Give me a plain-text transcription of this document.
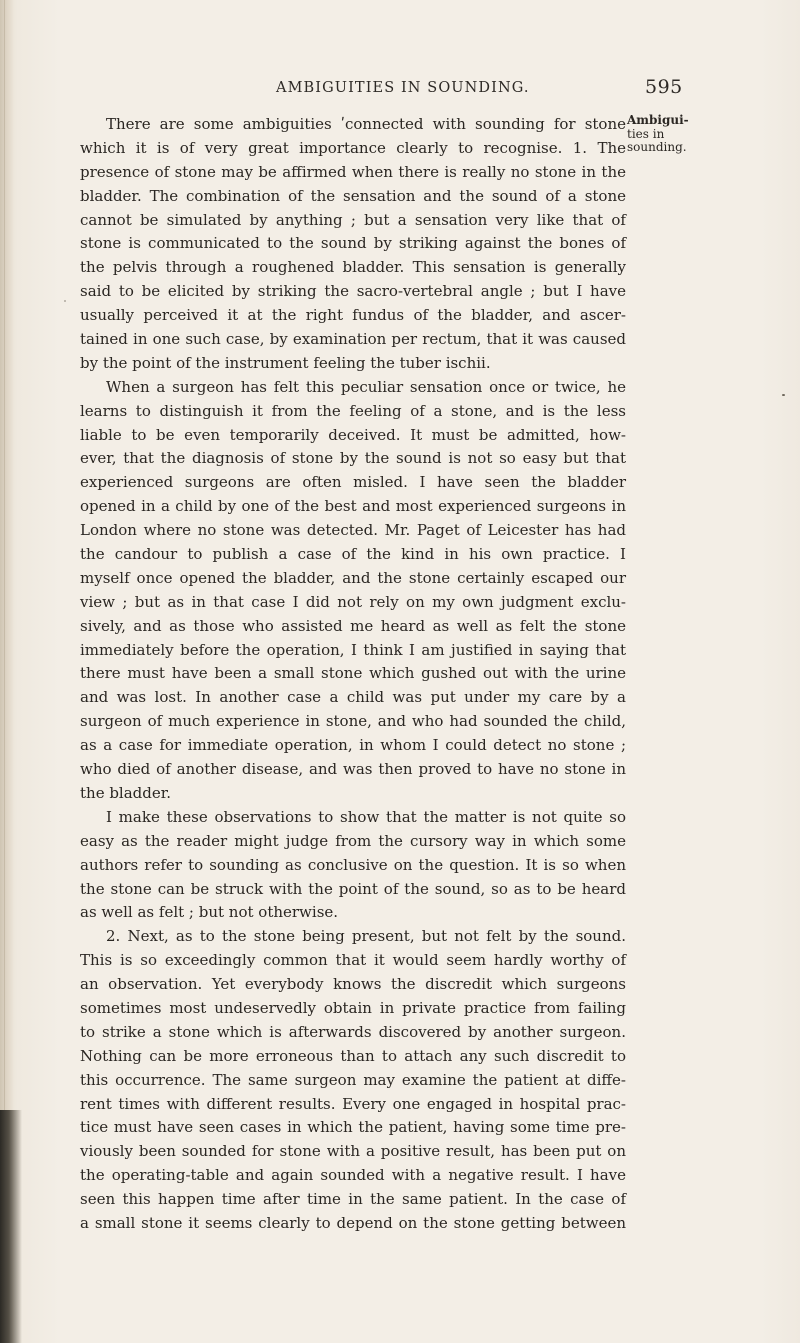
AMBIGUITIES IN SOUNDING.	595
There are some ambiguities ʹconnected with sounding for stone
which it is of very great importance clearly to recognise. 1. The
presence of stone may be affirmed when there is really no stone in the
bladder. The combination of the sensation and the sound of a stone
cannot be simulated by anything ; but a sensation very like that of
stone is communicated to the sound by striking against the bones of
the pelvis through a roughened bladder. This sensation is generally
said to be elicited by striking the sacro-vertebral angle ; but I have
usually perceived it at the right fundus of the bladder, and ascer-
tained in one such case, by examination per rectum, that it was caused
by the point of the instrument feeling the tuber ischii.
When a surgeon has felt this peculiar sensation once or twice, he
learns to distinguish it from the feeling of a stone, and is the less
liable to be even temporarily deceived. It must be admitted, how-
ever, that the diagnosis of stone by the sound is not so easy but that
experienced surgeons are often misled. I have seen the bladder
opened in a child by one of the best and most experienced surgeons in
London where no stone was detected. Mr. Paget of Leicester has had
the candour to publish a case of the kind in his own practice. I
myself once opened the bladder, and the stone certainly escaped our
view ; but as in that case I did not rely on my own judgment exclu-
sively, and as those who assisted me heard as well as felt the stone
immediately before the operation, I think I am justified in saying that
there must have been a small stone which gushed out with the urine
and was lost. In another case a child was put under my care by a
surgeon of much experience in stone, and who had sounded the child,
as a case for immediate operation, in whom I could detect no stone ;
who died of another disease, and was then proved to have no stone in
the bladder.
I make these observations to show that the matter is not quite so
easy as the reader might judge from the cursory way in which some
authors refer to sounding as conclusive on the question. It is so when
the stone can be struck with the point of the sound, so as to be heard
as well as felt ; but not otherwise.
2. Next, as to the stone being present, but not felt by the sound.
This is so exceedingly common that it would seem hardly worthy of
an observation. Yet everybody knows the discredit which surgeons
sometimes most undeservedly obtain in private practice from failing
to strike a stone which is afterwards discovered by another surgeon.
Nothing can be more erroneous than to attach any such discredit to
this occurrence. The same surgeon may examine the patient at diffe-
rent times with different results. Every one engaged in hospital prac-
tice must have seen cases in which the patient, having some time pre-
viously been sounded for stone with a positive result, has been put on
the operating-table and again sounded with a negative result. I have
seen this happen time after time in the same patient. In the case of
a small stone it seems clearly to depend on the stone getting between
Ambigui-
ties in
sounding.
